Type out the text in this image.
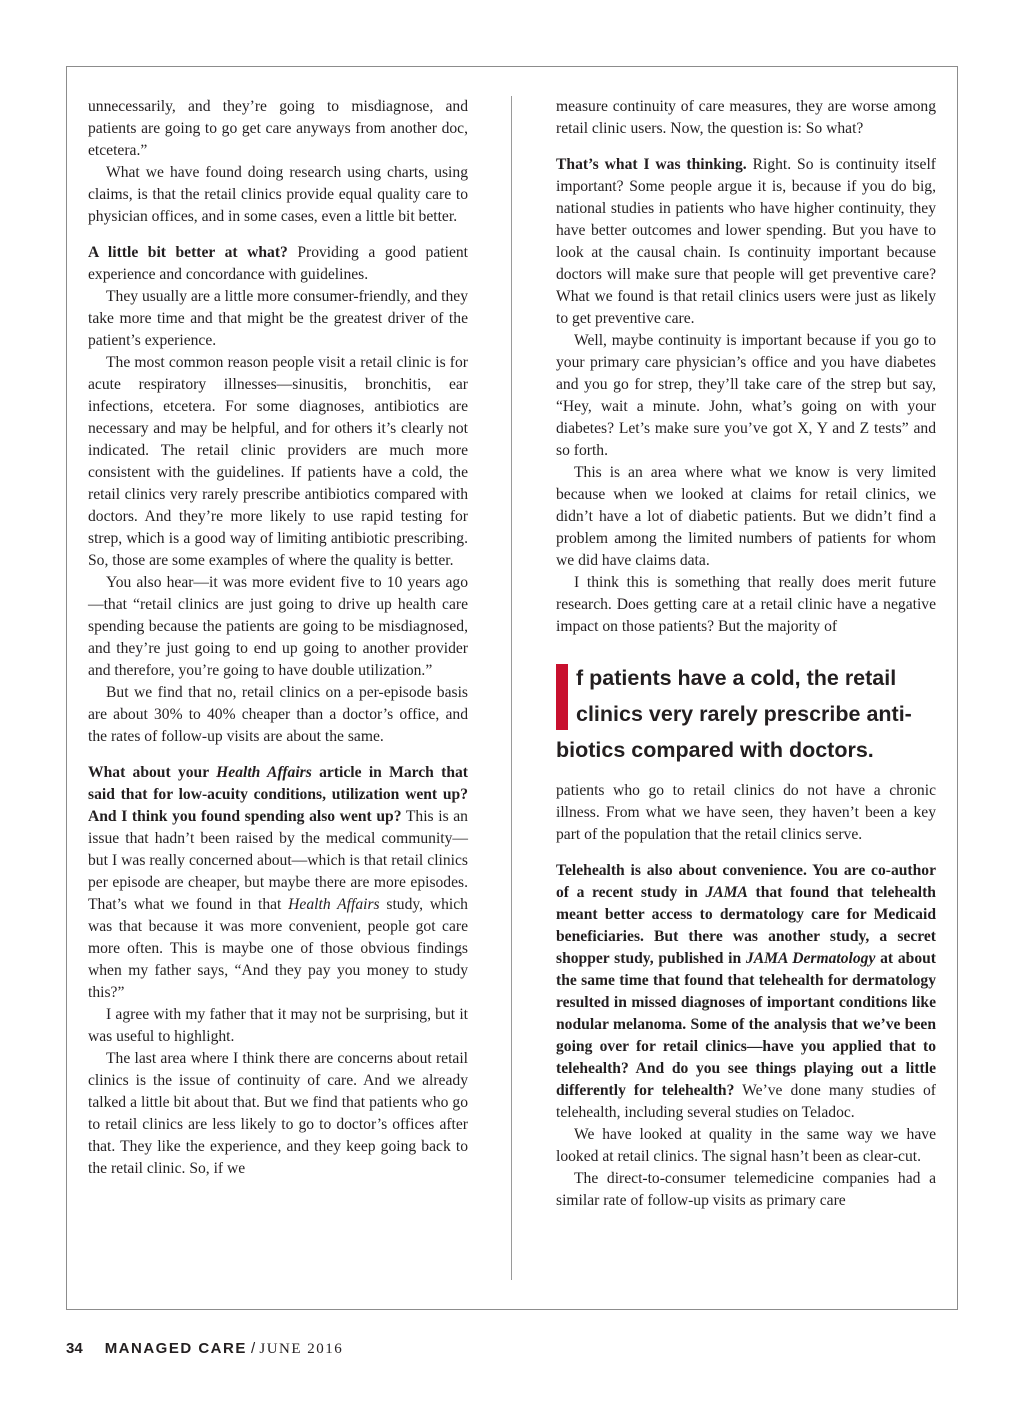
unnecessarily, and they’re going to misdiagnose, and patients are going to go get care anyways from another doc, etcetera.”

What we have found doing research using charts, using claims, is that the retail clinics provide equal quality care to physician offices, and in some cases, even a little bit better.

A little bit better at what? Providing a good patient experience and concordance with guidelines.

They usually are a little more consumer-friendly, and they take more time and that might be the greatest driver of the patient’s experience.

The most common reason people visit a retail clinic is for acute respiratory illnesses—sinusitis, bronchitis, ear infections, etcetera. For some diagnoses, antibiotics are necessary and may be helpful, and for others it’s clearly not indicated. The retail clinic providers are much more consistent with the guidelines. If patients have a cold, the retail clinics very rarely prescribe antibiotics compared with doctors. And they’re more likely to use rapid testing for strep, which is a good way of limiting antibiotic prescribing. So, those are some examples of where the quality is better.

You also hear—it was more evident five to 10 years ago—that “retail clinics are just going to drive up health care spending because the patients are going to be misdiagnosed, and they’re just going to end up going to another provider and therefore, you’re going to have double utilization.”

But we find that no, retail clinics on a per-episode basis are about 30% to 40% cheaper than a doctor’s office, and the rates of follow-up visits are about the same.

What about your Health Affairs article in March that said that for low-acuity conditions, utilization went up? And I think you found spending also went up? This is an issue that hadn’t been raised by the medical community—but I was really concerned about—which is that retail clinics per episode are cheaper, but maybe there are more episodes. That’s what we found in that Health Affairs study, which was that because it was more convenient, people got care more often. This is maybe one of those obvious findings when my father says, “And they pay you money to study this?”

I agree with my father that it may not be surprising, but it was useful to highlight.

The last area where I think there are concerns about retail clinics is the issue of continuity of care. And we already talked a little bit about that. But we find that patients who go to retail clinics are less likely to go to doctor’s offices after that. They like the experience, and they keep going back to the retail clinic. So, if we

measure continuity of care measures, they are worse among retail clinic users. Now, the question is: So what?

That’s what I was thinking. Right. So is continuity itself important? Some people argue it is, because if you do big, national studies in patients who have higher continuity, they have better outcomes and lower spending. But you have to look at the causal chain. Is continuity important because doctors will make sure that people will get preventive care? What we found is that retail clinics users were just as likely to get preventive care.

Well, maybe continuity is important because if you go to your primary care physician’s office and you have diabetes and you go for strep, they’ll take care of the strep but say, “Hey, wait a minute. John, what’s going on with your diabetes? Let’s make sure you’ve got X, Y and Z tests” and so forth.

This is an area where what we know is very limited because when we looked at claims for retail clinics, we didn’t have a lot of diabetic patients. But we didn’t find a problem among the limited numbers of patients for whom we did have claims data.

I think this is something that really does merit future research. Does getting care at a retail clinic have a negative impact on those patients? But the majority of

f patients have a cold, the retail clinics very rarely prescribe anti-biotics compared with doctors.

patients who go to retail clinics do not have a chronic illness. From what we have seen, they haven’t been a key part of the population that the retail clinics serve.

Telehealth is also about convenience. You are co-author of a recent study in JAMA that found that telehealth meant better access to dermatology care for Medicaid beneficiaries. But there was another study, a secret shopper study, published in JAMA Dermatology at about the same time that found that telehealth for dermatology resulted in missed diagnoses of important conditions like nodular melanoma. Some of the analysis that we’ve been going over for retail clinics—have you applied that to telehealth? And do you see things playing out a little differently for telehealth? We’ve done many studies of telehealth, including several studies on Teladoc.

We have looked at quality in the same way we have looked at retail clinics. The signal hasn’t been as clear-cut.

The direct-to-consumer telemedicine companies had a similar rate of follow-up visits as primary care

34 MANAGED CARE / JUNE 2016
